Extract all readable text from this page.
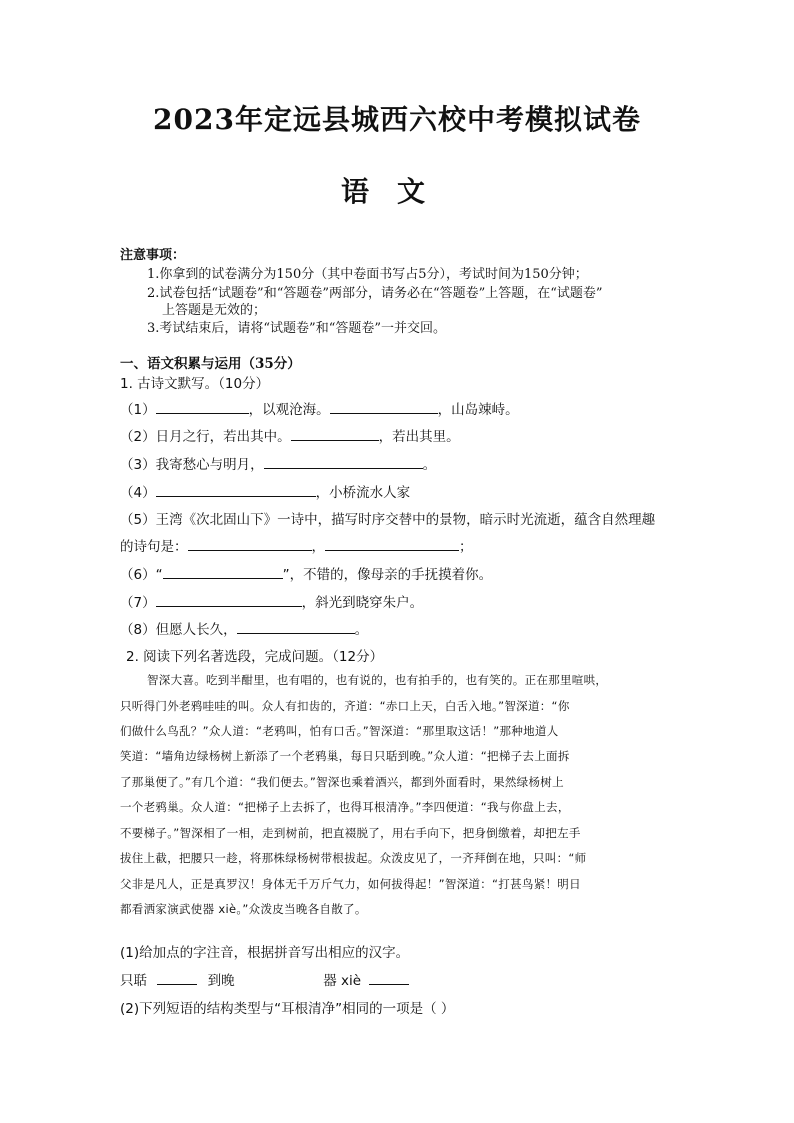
2023年定远县城西六校中考模拟试卷
语文
注意事项：
1.你拿到的试卷满分为150分（其中卷面书写占5分），考试时间为150分钟；
2.试卷包括“试题卷”和“答题卷”两部分，请务必在“答题卷”上答题，在“试题卷”
上答题是无效的；
3.考试结束后，请将“试题卷”和“答题卷”一并交回。
一、语文积累与运用（35分）
1. 古诗文默写。（10分）
（1）	，以观沧海。	，山岛竦峙。
（2）日月之行，若出其中。	，若出其里。
（3）我寄愁心与明月，	。
（4）	，小桥流水人家
（5）王湾《次北固山下》一诗中，描写时序交替中的景物，暗示时光流逝，蕴含自然理趣
的诗句是：	，	；
（6）“	”，不错的，像母亲的手抚摸着你。
（7）	，斜光到晓穿朱户。
（8）但愿人长久，	。
2. 阅读下列名著选段，完成问题。（12分）
智深大喜。吃到半酣里，也有唱的，也有说的，也有拍手的，也有笑的。正在那里喧哄，
只听得门外老鸦哇哇的叫。众人有扣齿的，齐道：“赤口上天，白舌入地。”智深道：“你
们做什么鸟乱？”众人道：“老鸦叫，怕有口舌。”智深道：“那里取这话！”那种地道人
笑道：“墙角边绿杨树上新添了一个老鸦巢，每日只聒到晚。”众人道：“把梯子去上面拆
了那巢便了。”有几个道：“我们便去。”智深也乘着酒兴，都到外面看时，果然绿杨树上
一个老鸦巢。众人道：“把梯子上去拆了，也得耳根清净。”李四便道：“我与你盘上去，
不要梯子。”智深相了一相，走到树前，把直裰脱了，用右手向下，把身倒缴着，却把左手
拔住上截，把腰只一趁，将那株绿杨树带根拔起。众泼皮见了，一齐拜倒在地，只叫：“师
父非是凡人，正是真罗汉！身体无千万斤气力，如何拔得起！”智深道：“打甚鸟紧！明日
都看洒家演武使器 xiè。”众泼皮当晚各自散了。
(1)给加点的字注音，根据拼音写出相应的汉字。
只聒	到晚	器 xiè
(2)下列短语的结构类型与“耳根清净”相同的一项是（ ）
